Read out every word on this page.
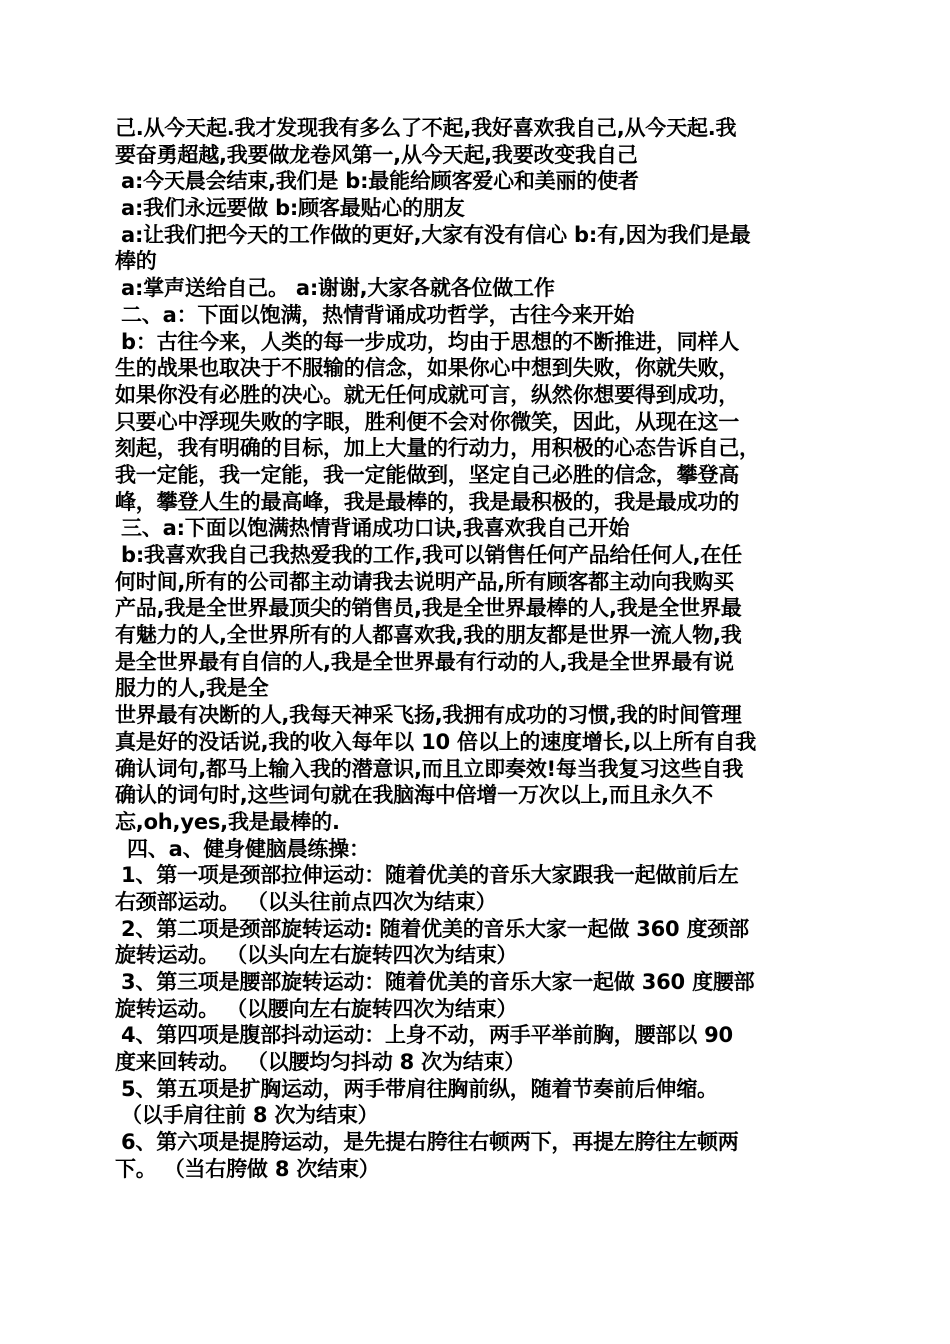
己.从今天起.我才发现我有多么了不起,我好喜欢我自己,从今天起.我
要奋勇超越,我要做龙卷风第一,从今天起,我要改变我自己
a:今天晨会结束,我们是 b:最能给顾客爱心和美丽的使者
a:我们永远要做 b:顾客最贴心的朋友
a:让我们把今天的工作做的更好,大家有没有信心 b:有,因为我们是最
棒的
a:掌声送给自己。 a:谢谢,大家各就各位做工作
二、a：下面以饱满，热情背诵成功哲学，古往今来开始
b：古往今来，人类的每一步成功，均由于思想的不断推进，同样人
生的战果也取决于不服输的信念，如果你心中想到失败，你就失败，
如果你没有必胜的决心。就无任何成就可言，纵然你想要得到成功，
只要心中浮现失败的字眼，胜利便不会对你微笑，因此，从现在这一
刻起，我有明确的目标，加上大量的行动力，用积极的心态告诉自己，
我一定能，我一定能，我一定能做到，坚定自己必胜的信念，攀登高
峰，攀登人生的最高峰，我是最棒的，我是最积极的，我是最成功的
三、a:下面以饱满热情背诵成功口诀,我喜欢我自己开始
b:我喜欢我自己我热爱我的工作,我可以销售任何产品给任何人,在任
何时间,所有的公司都主动请我去说明产品,所有顾客都主动向我购买
产品,我是全世界最顶尖的销售员,我是全世界最棒的人,我是全世界最
有魅力的人,全世界所有的人都喜欢我,我的朋友都是世界一流人物,我
是全世界最有自信的人,我是全世界最有行动的人,我是全世界最有说
服力的人,我是全
世界最有决断的人,我每天神采飞扬,我拥有成功的习惯,我的时间管理
真是好的没话说,我的收入每年以 10 倍以上的速度增长,以上所有自我
确认词句,都马上输入我的潜意识,而且立即奏效!每当我复习这些自我
确认的词句时,这些词句就在我脑海中倍增一万次以上,而且永久不
忘,oh,yes,我是最棒的.
四、a、健身健脑晨练操：
1、第一项是颈部拉伸运动：随着优美的音乐大家跟我一起做前后左
右颈部运动。 （以头往前点四次为结束）
2、第二项是颈部旋转运动: 随着优美的音乐大家一起做 360 度颈部
旋转运动。 （以头向左右旋转四次为结束）
3、第三项是腰部旋转运动：随着优美的音乐大家一起做 360 度腰部
旋转运动。 （以腰向左右旋转四次为结束）
4、第四项是腹部抖动运动：上身不动，两手平举前胸，腰部以 90
度来回转动。 （以腰均匀抖动 8 次为结束）
5、第五项是扩胸运动，两手带肩往胸前纵，随着节奏前后伸缩。
（以手肩往前 8 次为结束）
6、第六项是提胯运动，是先提右胯往右顿两下，再提左胯往左顿两
下。 （当右胯做 8 次结束）
